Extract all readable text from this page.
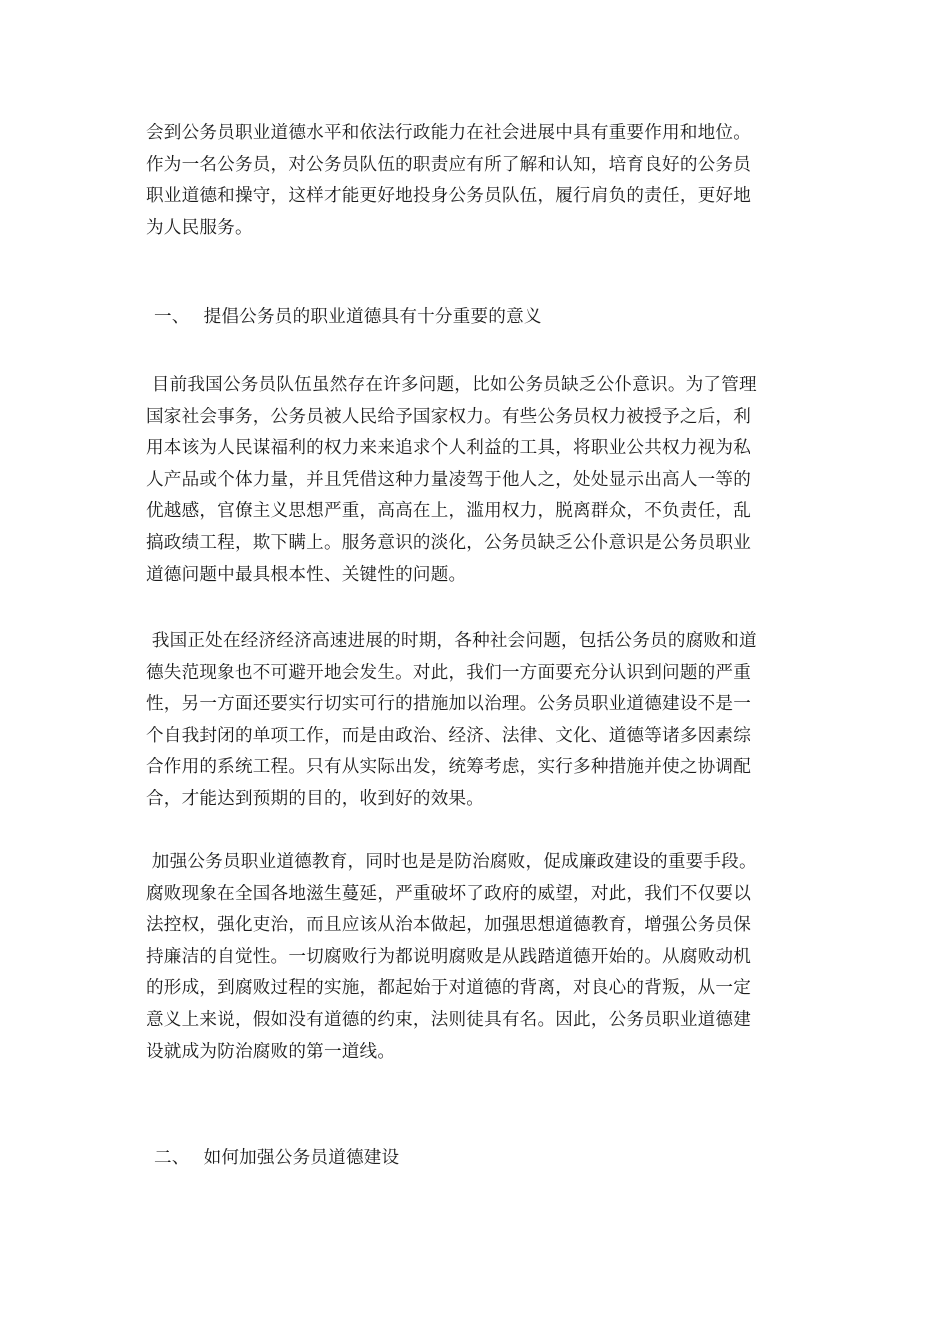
会到公务员职业道德水平和依法行政能力在社会进展中具有重要作用和地位。
作为一名公务员，对公务员队伍的职责应有所了解和认知，培育良好的公务员
职业道德和操守，这样才能更好地投身公务员队伍，履行肩负的责任，更好地
为人民服务。
一、 提倡公务员的职业道德具有十分重要的意义
目前我国公务员队伍虽然存在许多问题，比如公务员缺乏公仆意识。为了管理
国家社会事务，公务员被人民给予国家权力。有些公务员权力被授予之后，利
用本该为人民谋福利的权力来来追求个人利益的工具，将职业公共权力视为私
人产品或个体力量，并且凭借这种力量凌驾于他人之，处处显示出高人一等的
优越感，官僚主义思想严重，高高在上，滥用权力，脱离群众，不负责任，乱
搞政绩工程，欺下瞒上。服务意识的淡化，公务员缺乏公仆意识是公务员职业
道德问题中最具根本性、关键性的问题。
我国正处在经济经济高速进展的时期，各种社会问题，包括公务员的腐败和道
德失范现象也不可避开地会发生。对此，我们一方面要充分认识到问题的严重
性，另一方面还要实行切实可行的措施加以治理。公务员职业道德建设不是一
个自我封闭的单项工作，而是由政治、经济、法律、文化、道德等诸多因素综
合作用的系统工程。只有从实际出发，统筹考虑，实行多种措施并使之协调配
合，才能达到预期的目的，收到好的效果。
加强公务员职业道德教育，同时也是是防治腐败，促成廉政建设的重要手段。
腐败现象在全国各地滋生蔓延，严重破坏了政府的威望，对此，我们不仅要以
法控权，强化吏治，而且应该从治本做起，加强思想道德教育，增强公务员保
持廉洁的自觉性。一切腐败行为都说明腐败是从践踏道德开始的。从腐败动机
的形成，到腐败过程的实施，都起始于对道德的背离，对良心的背叛，从一定
意义上来说，假如没有道德的约束，法则徒具有名。因此，公务员职业道德建
设就成为防治腐败的第一道线。
二、 如何加强公务员道德建设
